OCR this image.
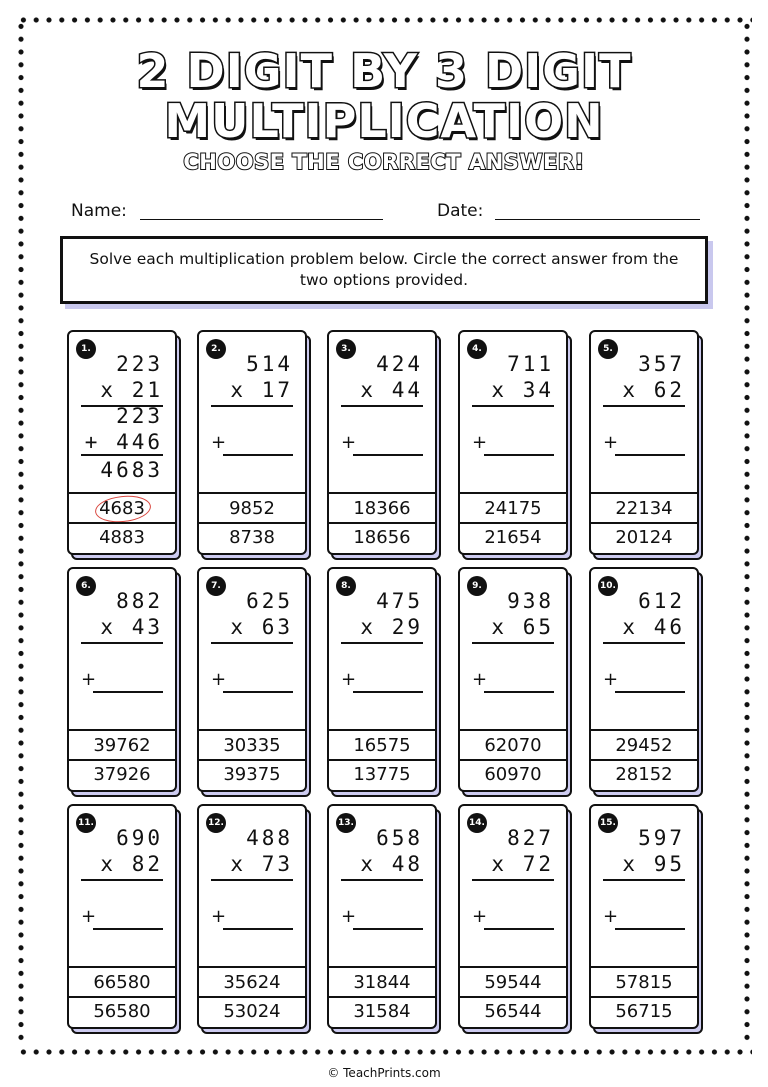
2 DIGIT BY 3 DIGIT
MULTIPLICATION
CHOOSE THE CORRECT ANSWER!
Name:	Date:
Solve each multiplication problem below. Circle the correct answer from the two options provided.
1.
223
x 21
223
+ 446
4683
4683
4883
2.
514
x 17
+
9852
8738
3.
424
x 44
+
18366
18656
4.
711
x 34
+
24175
21654
5.
357
x 62
+
22134
20124
6.
882
x 43
+
39762
37926
7.
625
x 63
+
30335
39375
8.
475
x 29
+
16575
13775
9.
938
x 65
+
62070
60970
10.
612
x 46
+
29452
28152
11.
690
x 82
+
66580
56580
12.
488
x 73
+
35624
53024
13.
658
x 48
+
31844
31584
14.
827
x 72
+
59544
56544
15.
597
x 95
+
57815
56715
© TeachPrints.com
